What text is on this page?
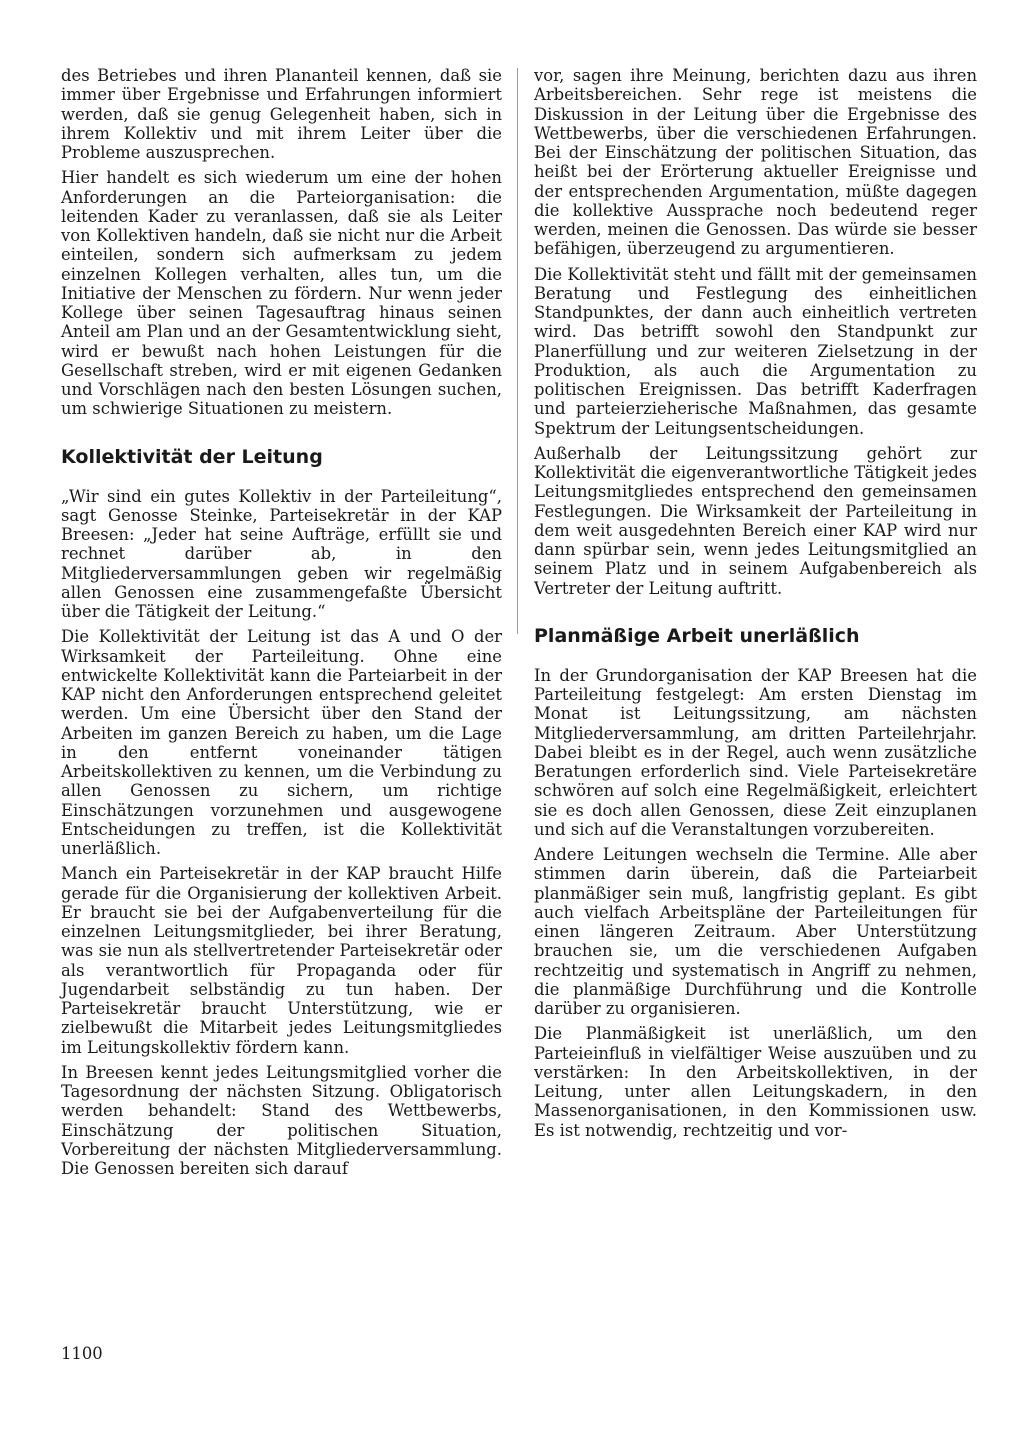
des Betriebes und ihren Plananteil kennen, daß sie immer über Ergebnisse und Erfahrungen informiert werden, daß sie genug Gelegenheit haben, sich in ihrem Kollektiv und mit ihrem Leiter über die Probleme auszusprechen.

Hier handelt es sich wiederum um eine der hohen Anforderungen an die Parteiorganisation: die leitenden Kader zu veranlassen, daß sie als Leiter von Kollektiven handeln, daß sie nicht nur die Arbeit einteilen, sondern sich aufmerksam zu jedem einzelnen Kollegen verhalten, alles tun, um die Initiative der Menschen zu fördern. Nur wenn jeder Kollege über seinen Tagesauftrag hinaus seinen Anteil am Plan und an der Gesamtentwicklung sieht, wird er bewußt nach hohen Leistungen für die Gesellschaft streben, wird er mit eigenen Gedanken und Vorschlägen nach den besten Lösungen suchen, um schwierige Situationen zu meistern.

Kollektivität der Leitung

„Wir sind ein gutes Kollektiv in der Parteileitung“, sagt Genosse Steinke, Parteisekretär in der KAP Breesen: „Jeder hat seine Aufträge, erfüllt sie und rechnet darüber ab, in den Mitgliederversammlungen geben wir regelmäßig allen Genossen eine zusammengefaßte Übersicht über die Tätigkeit der Leitung.“

Die Kollektivität der Leitung ist das A und O der Wirksamkeit der Parteileitung. Ohne eine entwickelte Kollektivität kann die Parteiarbeit in der KAP nicht den Anforderungen entsprechend geleitet werden. Um eine Übersicht über den Stand der Arbeiten im ganzen Bereich zu haben, um die Lage in den entfernt voneinander tätigen Arbeitskollektiven zu kennen, um die Verbindung zu allen Genossen zu sichern, um richtige Einschätzungen vorzunehmen und ausgewogene Entscheidungen zu treffen, ist die Kollektivität unerläßlich.

Manch ein Parteisekretär in der KAP braucht Hilfe gerade für die Organisierung der kollektiven Arbeit. Er braucht sie bei der Aufgabenverteilung für die einzelnen Leitungsmitglieder, bei ihrer Beratung, was sie nun als stellvertretender Parteisekretär oder als verantwortlich für Propaganda oder für Jugendarbeit selbständig zu tun haben. Der Parteisekretär braucht Unterstützung, wie er zielbewußt die Mitarbeit jedes Leitungsmitgliedes im Leitungskollektiv fördern kann.

In Breesen kennt jedes Leitungsmitglied vorher die Tagesordnung der nächsten Sitzung. Obligatorisch werden behandelt: Stand des Wettbewerbs, Einschätzung der politischen Situation, Vorbereitung der nächsten Mitgliederversammlung. Die Genossen bereiten sich darauf

vor, sagen ihre Meinung, berichten dazu aus ihren Arbeitsbereichen. Sehr rege ist meistens die Diskussion in der Leitung über die Ergebnisse des Wettbewerbs, über die verschiedenen Erfahrungen. Bei der Einschätzung der politischen Situation, das heißt bei der Erörterung aktueller Ereignisse und der entsprechenden Argumentation, müßte dagegen die kollektive Aussprache noch bedeutend reger werden, meinen die Genossen. Das würde sie besser befähigen, überzeugend zu argumentieren.

Die Kollektivität steht und fällt mit der gemeinsamen Beratung und Festlegung des einheitlichen Standpunktes, der dann auch einheitlich vertreten wird. Das betrifft sowohl den Standpunkt zur Planerfüllung und zur weiteren Zielsetzung in der Produktion, als auch die Argumentation zu politischen Ereignissen. Das betrifft Kaderfragen und parteierzieherische Maßnahmen, das gesamte Spektrum der Leitungsentscheidungen.

Außerhalb der Leitungssitzung gehört zur Kollektivität die eigenverantwortliche Tätigkeit jedes Leitungsmitgliedes entsprechend den gemeinsamen Festlegungen. Die Wirksamkeit der Parteileitung in dem weit ausgedehnten Bereich einer KAP wird nur dann spürbar sein, wenn jedes Leitungsmitglied an seinem Platz und in seinem Aufgabenbereich als Vertreter der Leitung auftritt.

Planmäßige Arbeit unerläßlich

In der Grundorganisation der KAP Breesen hat die Parteileitung festgelegt: Am ersten Dienstag im Monat ist Leitungssitzung, am nächsten Mitgliederversammlung, am dritten Parteilehrjahr. Dabei bleibt es in der Regel, auch wenn zusätzliche Beratungen erforderlich sind. Viele Parteisekretäre schwören auf solch eine Regelmäßigkeit, erleichtert sie es doch allen Genossen, diese Zeit einzuplanen und sich auf die Veranstaltungen vorzubereiten.

Andere Leitungen wechseln die Termine. Alle aber stimmen darin überein, daß die Parteiarbeit planmäßiger sein muß, langfristig geplant. Es gibt auch vielfach Arbeitspläne der Parteileitungen für einen längeren Zeitraum. Aber Unterstützung brauchen sie, um die verschiedenen Aufgaben rechtzeitig und systematisch in Angriff zu nehmen, die planmäßige Durchführung und die Kontrolle darüber zu organisieren.

Die Planmäßigkeit ist unerläßlich, um den Parteieinfluß in vielfältiger Weise auszuüben und zu verstärken: In den Arbeitskollektiven, in der Leitung, unter allen Leitungskadern, in den Massenorganisationen, in den Kommissionen usw. Es ist notwendig, rechtzeitig und vor-

1100
